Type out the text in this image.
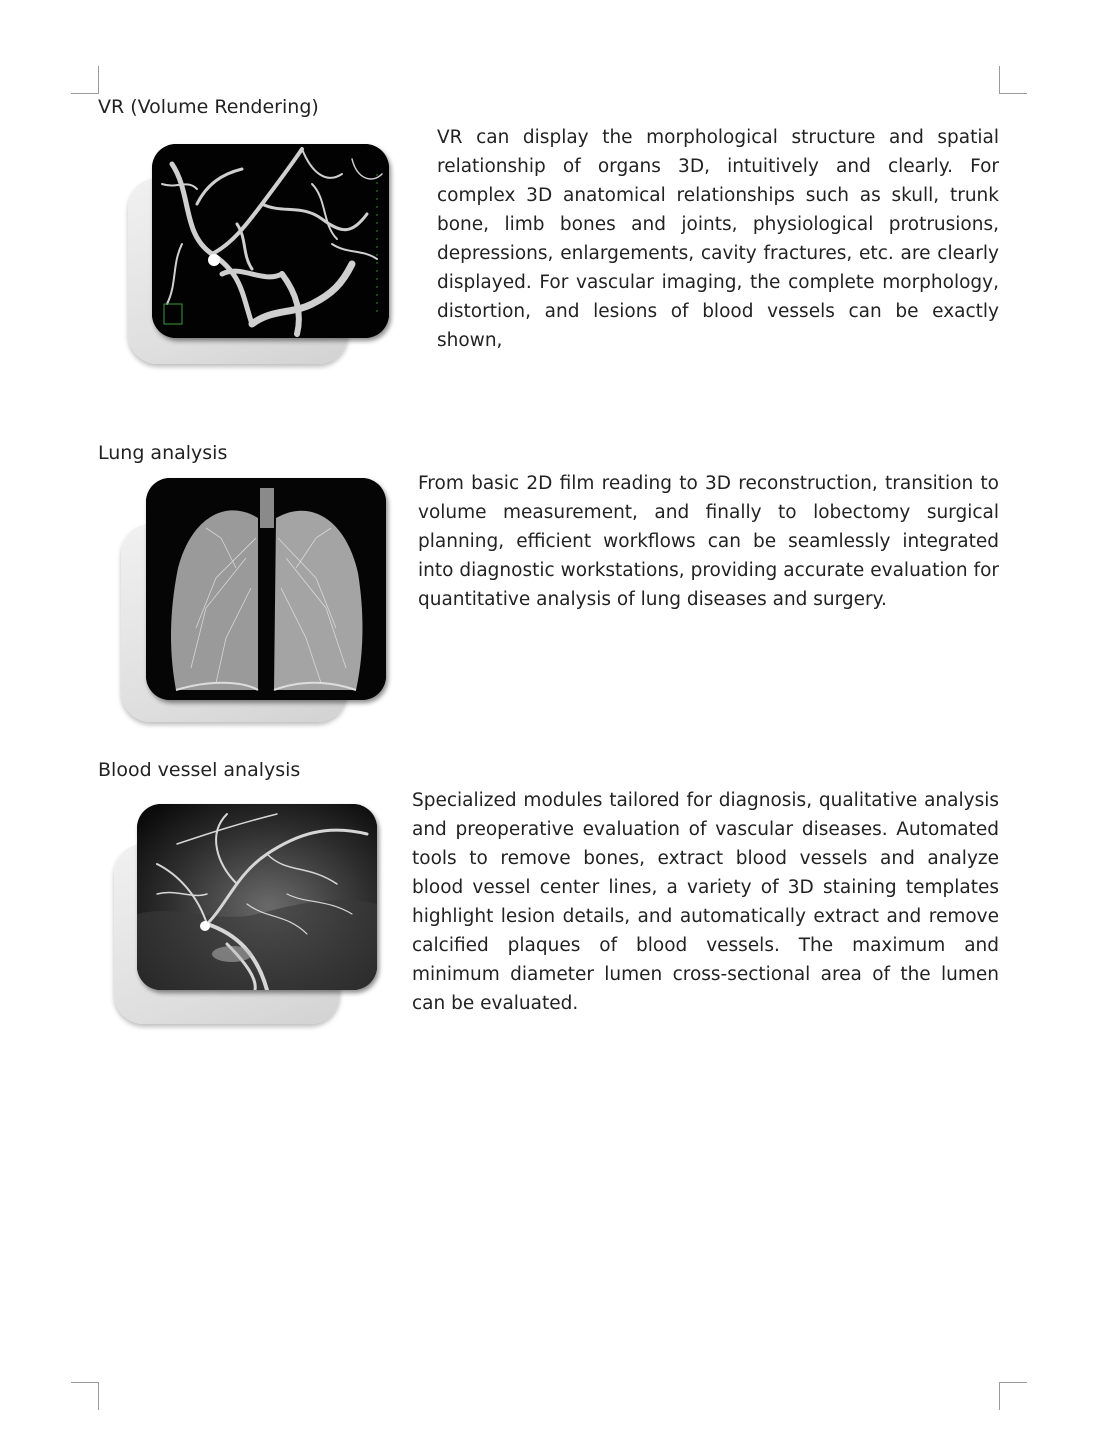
VR (Volume Rendering)

VR can display the morphological structure and spatial relationship of organs 3D, intuitively and clearly. For complex 3D anatomical relationships such as skull, trunk bone, limb bones and joints, physiological protrusions, depressions, enlargements, cavity fractures, etc. are clearly displayed. For vascular imaging, the complete morphology, distortion, and lesions of blood vessels can be exactly shown,

Lung analysis

From basic 2D film reading to 3D reconstruction, transition to volume measurement, and finally to lobectomy surgical planning, efficient workflows can be seamlessly integrated into diagnostic workstations, providing accurate evaluation for quantitative analysis of lung diseases and surgery.

Blood vessel analysis

Specialized modules tailored for diagnosis, qualitative analysis and preoperative evaluation of vascular diseases. Automated tools to remove bones, extract blood vessels and analyze blood vessel center lines, a variety of 3D staining templates highlight lesion details, and automatically extract and remove calcified plaques of blood vessels. The maximum and minimum diameter lumen cross-sectional area of the lumen can be evaluated.
